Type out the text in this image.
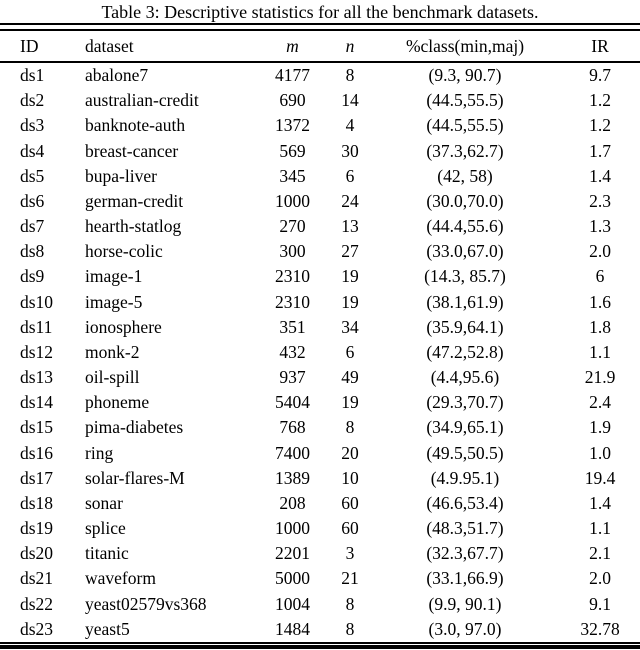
Table 3: Descriptive statistics for all the benchmark datasets.
ID	dataset	m	n	%class(min,maj)	IR
ds1	abalone7	4177	8	(9.3, 90.7)	9.7
ds2	australian-credit	690	14	(44.5,55.5)	1.2
ds3	banknote-auth	1372	4	(44.5,55.5)	1.2
ds4	breast-cancer	569	30	(37.3,62.7)	1.7
ds5	bupa-liver	345	6	(42, 58)	1.4
ds6	german-credit	1000	24	(30.0,70.0)	2.3
ds7	hearth-statlog	270	13	(44.4,55.6)	1.3
ds8	horse-colic	300	27	(33.0,67.0)	2.0
ds9	image-1	2310	19	(14.3, 85.7)	6
ds10	image-5	2310	19	(38.1,61.9)	1.6
ds11	ionosphere	351	34	(35.9,64.1)	1.8
ds12	monk-2	432	6	(47.2,52.8)	1.1
ds13	oil-spill	937	49	(4.4,95.6)	21.9
ds14	phoneme	5404	19	(29.3,70.7)	2.4
ds15	pima-diabetes	768	8	(34.9,65.1)	1.9
ds16	ring	7400	20	(49.5,50.5)	1.0
ds17	solar-flares-M	1389	10	(4.9.95.1)	19.4
ds18	sonar	208	60	(46.6,53.4)	1.4
ds19	splice	1000	60	(48.3,51.7)	1.1
ds20	titanic	2201	3	(32.3,67.7)	2.1
ds21	waveform	5000	21	(33.1,66.9)	2.0
ds22	yeast02579vs368	1004	8	(9.9, 90.1)	9.1
ds23	yeast5	1484	8	(3.0, 97.0)	32.78
